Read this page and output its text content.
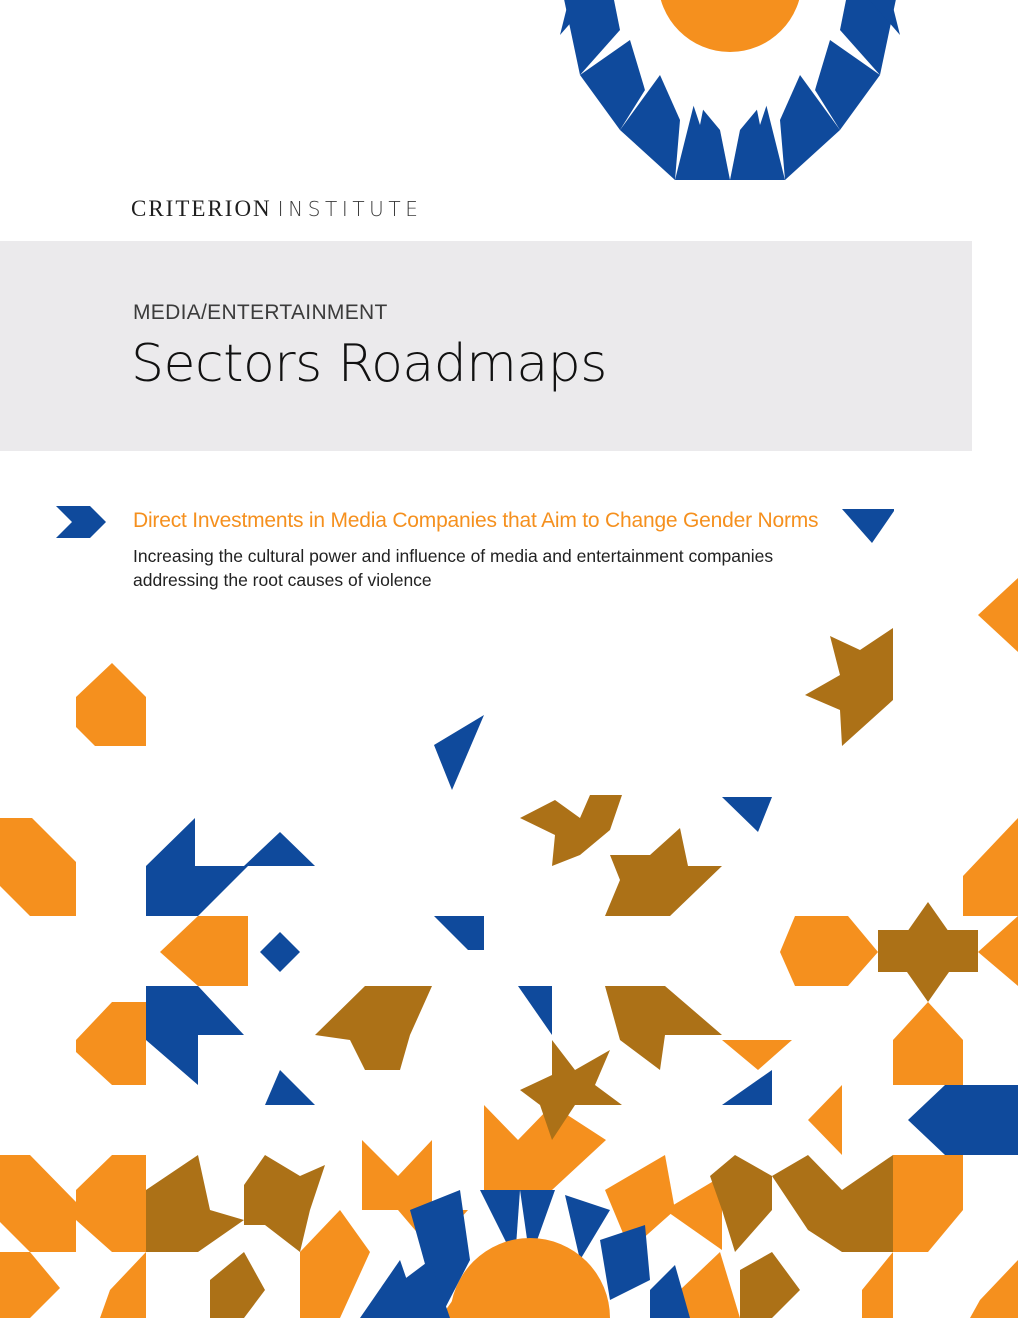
CRITERION INSTITUTE
MEDIA/ENTERTAINMENT
Sectors Roadmaps
Direct Investments in Media Companies that Aim to Change Gender Norms
Increasing the cultural power and influence of media and entertainment companies addressing the root causes of violence
